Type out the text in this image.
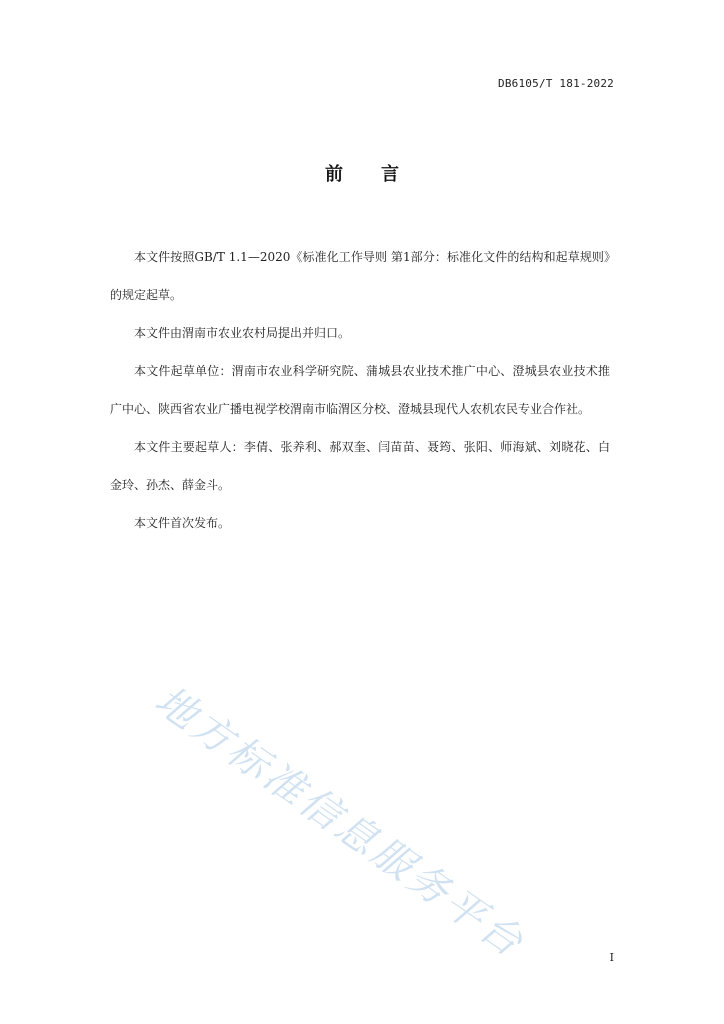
DB6105/T 181-2022
前言

本文件按照GB/T 1.1—2020《标准化工作导则 第1部分：标准化文件的结构和起草规则》的规定起草。

本文件由渭南市农业农村局提出并归口。

本文件起草单位：渭南市农业科学研究院、蒲城县农业技术推广中心、澄城县农业技术推广中心、陕西省农业广播电视学校渭南市临渭区分校、澄城县现代人农机农民专业合作社。

本文件主要起草人：李倩、张养利、郝双奎、闫苗苗、聂筠、张阳、师海斌、刘晓花、白金玲、孙杰、薛金斗。

本文件首次发布。

地方标准信息服务平台	I
